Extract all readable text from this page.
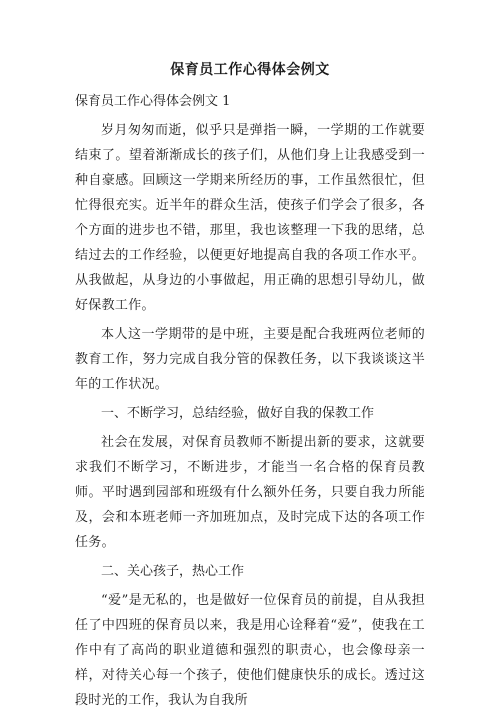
保育员工作心得体会例文
保育员工作心得体会例文 1

岁月匆匆而逝，似乎只是弹指一瞬，一学期的工作就要结束了。望着渐渐成长的孩子们，从他们身上让我感受到一种自豪感。回顾这一学期来所经历的事，工作虽然很忙，但忙得很充实。近半年的群众生活，使孩子们学会了很多，各个方面的进步也不错，那里，我也该整理一下我的思绪，总结过去的工作经验，以便更好地提高自我的各项工作水平。从我做起，从身边的小事做起，用正确的思想引导幼儿，做好保教工作。

本人这一学期带的是中班，主要是配合我班两位老师的教育工作，努力完成自我分管的保教任务，以下我谈谈这半年的工作状况。

一、不断学习，总结经验，做好自我的保教工作

社会在发展，对保育员教师不断提出新的要求，这就要求我们不断学习，不断进步，才能当一名合格的保育员教师。平时遇到园部和班级有什么额外任务，只要自我力所能及，会和本班老师一齐加班加点，及时完成下达的各项工作任务。

二、关心孩子，热心工作

“爱”是无私的，也是做好一位保育员的前提，自从我担任了中四班的保育员以来，我是用心诠释着“爱”，使我在工作中有了高尚的职业道德和强烈的职责心，也会像母亲一样，对待关心每一个孩子，使他们健康快乐的成长。透过这段时光的工作，我认为自我所
